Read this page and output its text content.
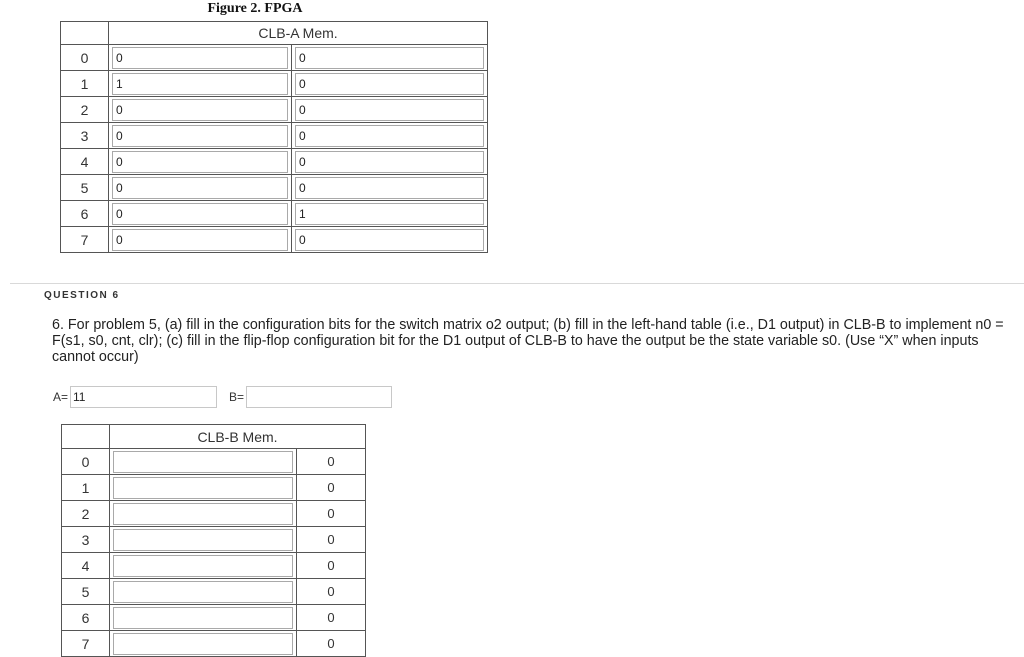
Figure 2. FPGA
	CLB-A Mem.	
0	0	0

1	1	0

2	0	0

3	0	0

4	0	0

5	0	0

6	0	1

7	0	0
QUESTION 6
6. For problem 5, (a) fill in the configuration bits for the switch matrix o2 output; (b) fill in the left-hand table (i.e., D1 output) in CLB-B to implement n0 = F(s1, s0, cnt, clr); (c) fill in the flip-flop configuration bit for the D1 output of CLB-B to have the output be the state variable s0. (Use “X” when inputs cannot occur)
A=
11	B=
	CLB-B Mem.	
0		0
1		0
2		0
3		0
4		0
5		0
6		0
7		0
